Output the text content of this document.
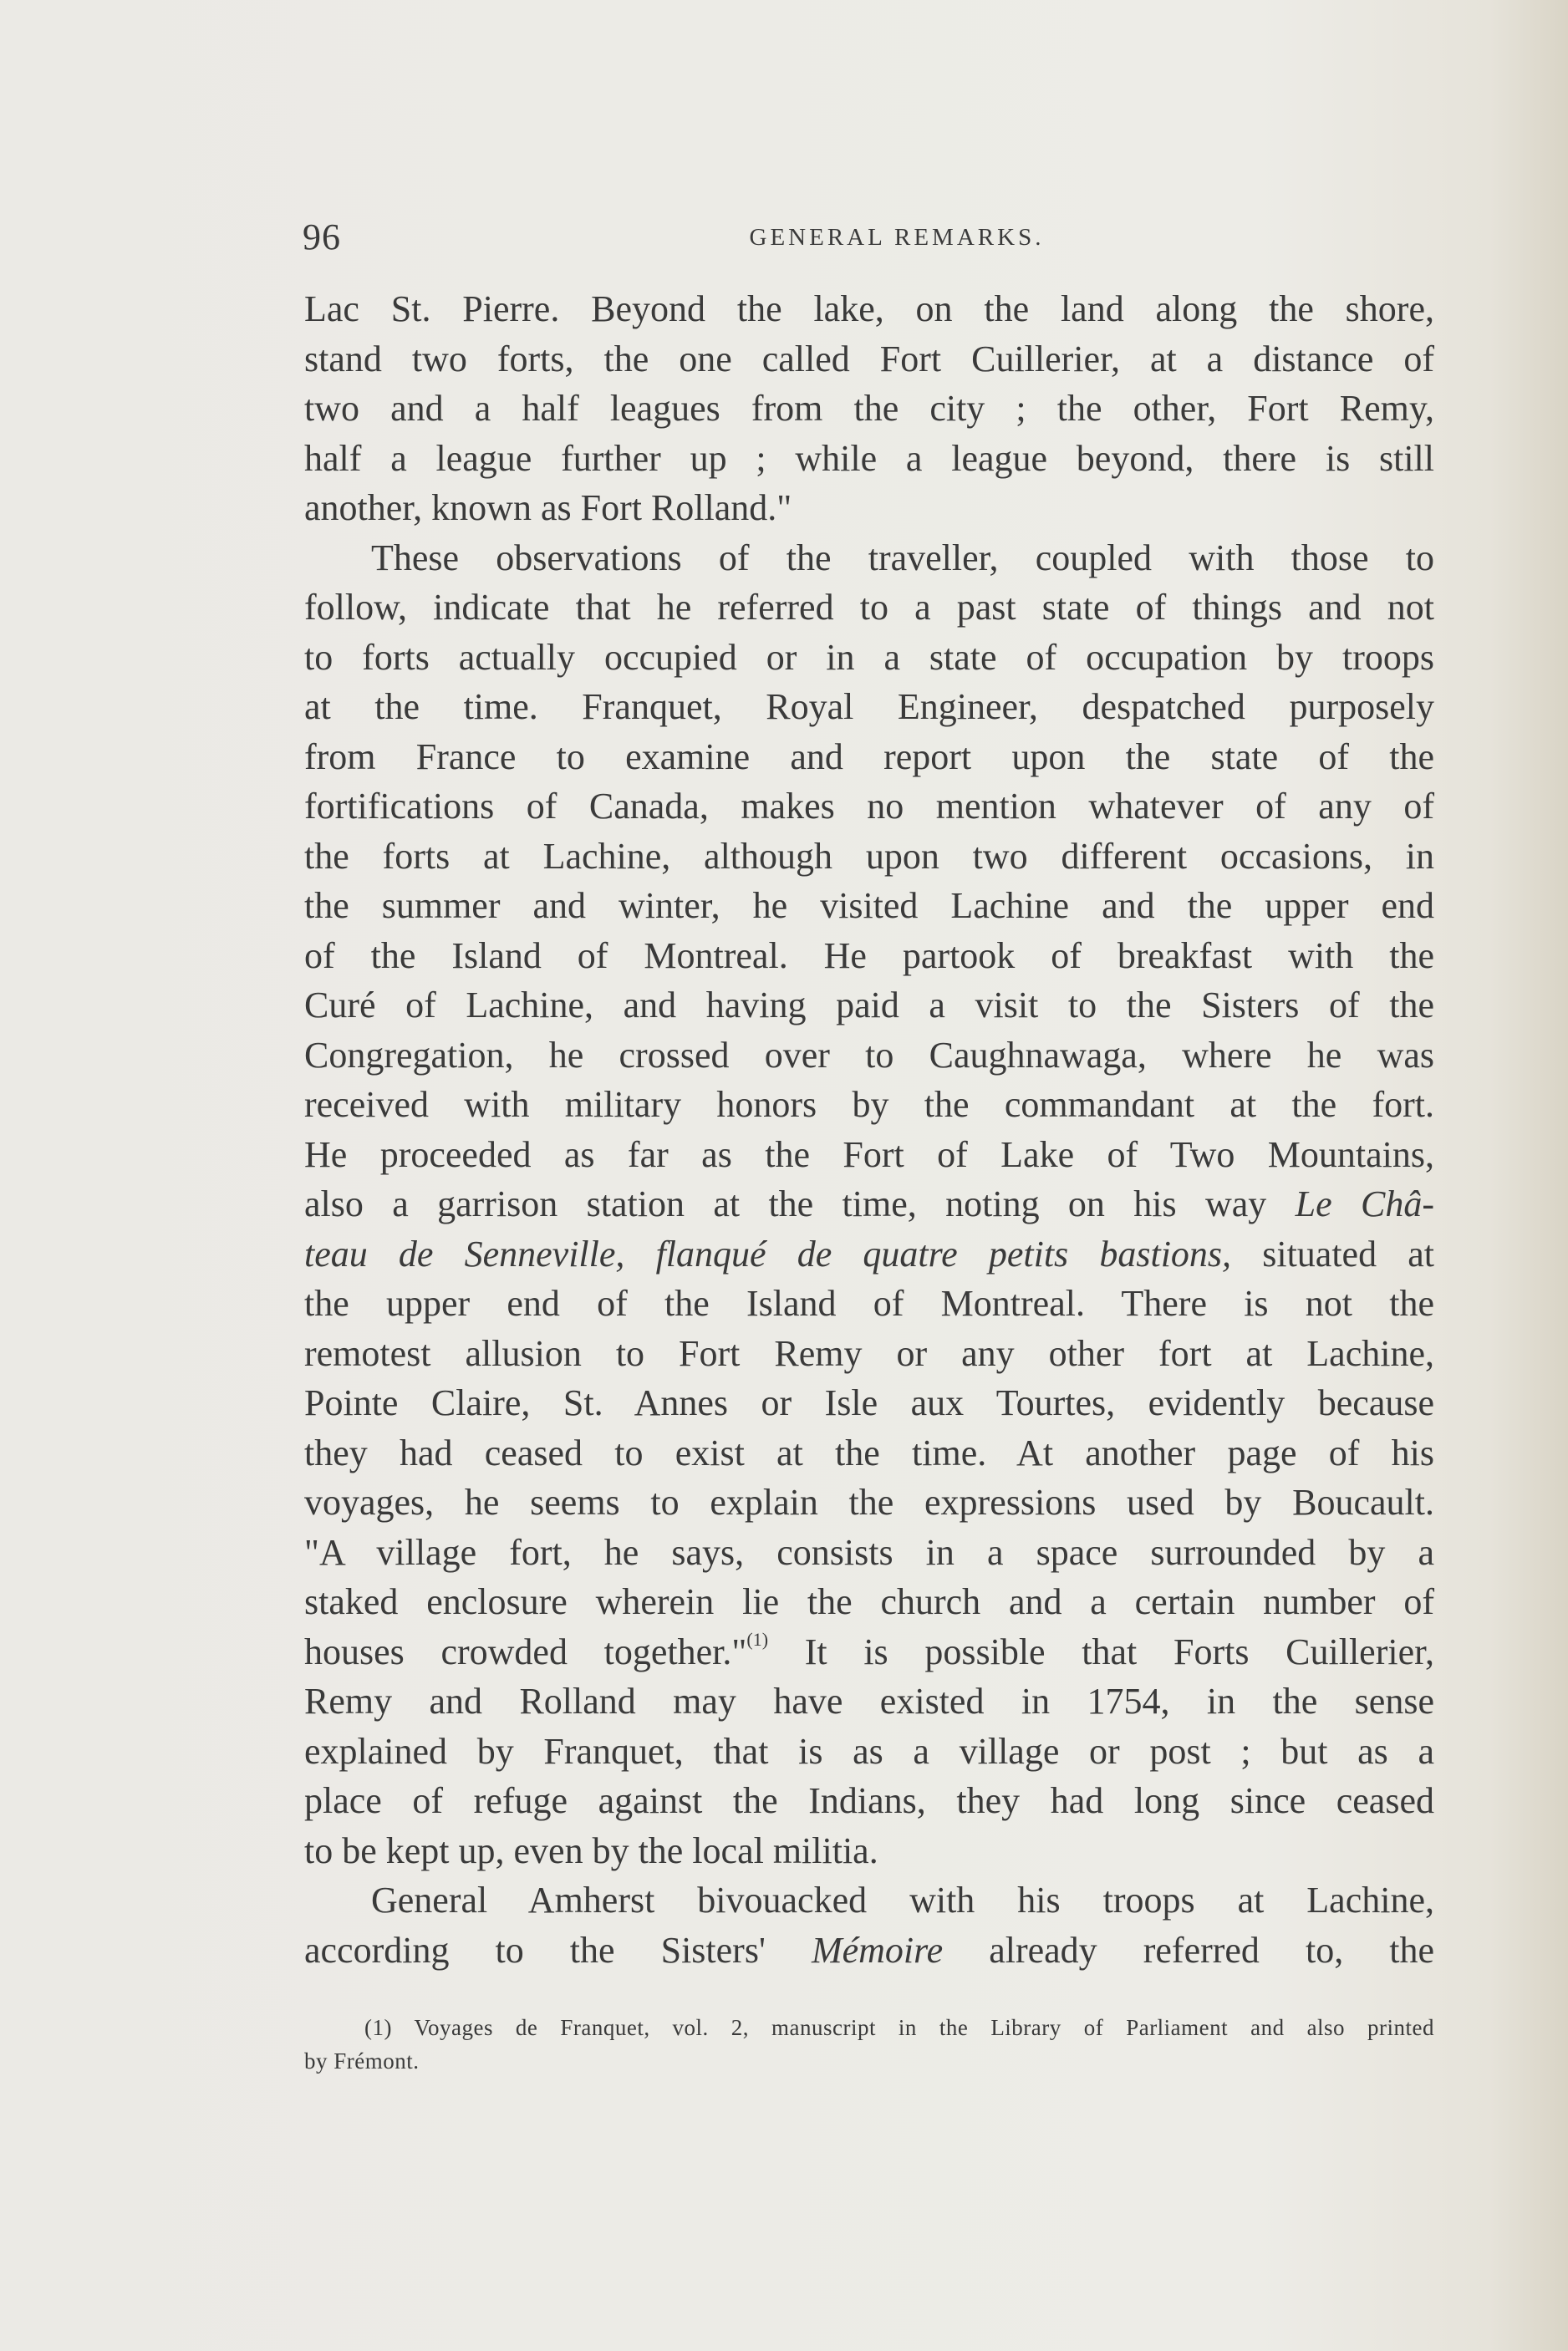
96	GENERAL REMARKS.
Lac St. Pierre. Beyond the lake, on the land along the shore,
stand two forts, the one called Fort Cuillerier, at a distance of
two and a half leagues from the city ; the other, Fort Remy,
half a league further up ; while a league beyond, there is still
another, known as Fort Rolland."
These observations of the traveller, coupled with those to
follow, indicate that he referred to a past state of things and not
to forts actually occupied or in a state of occupation by troops
at the time. Franquet, Royal Engineer, despatched purposely
from France to examine and report upon the state of the
fortifications of Canada, makes no mention whatever of any of
the forts at Lachine, although upon two different occasions, in
the summer and winter, he visited Lachine and the upper end
of the Island of Montreal. He partook of breakfast with the
Curé of Lachine, and having paid a visit to the Sisters of the
Congregation, he crossed over to Caughnawaga, where he was
received with military honors by the commandant at the fort.
He proceeded as far as the Fort of Lake of Two Mountains,
also a garrison station at the time, noting on his way Le Châ-
teau de Senneville, flanqué de quatre petits bastions, situated at
the upper end of the Island of Montreal. There is not the
remotest allusion to Fort Remy or any other fort at Lachine,
Pointe Claire, St. Annes or Isle aux Tourtes, evidently because
they had ceased to exist at the time. At another page of his
voyages, he seems to explain the expressions used by Boucault.
"A village fort, he says, consists in a space surrounded by a
staked enclosure wherein lie the church and a certain number of
houses crowded together."$^{(1)}$ It is possible that Forts Cuillerier,
Remy and Rolland may have existed in 1754, in the sense
explained by Franquet, that is as a village or post ; but as a
place of refuge against the Indians, they had long since ceased
to be kept up, even by the local militia.
General Amherst bivouacked with his troops at Lachine,
according to the Sisters' Mémoire already referred to, the
(1) Voyages de Franquet, vol. 2, manuscript in the Library of Parliament and also printed
by Frémont.
